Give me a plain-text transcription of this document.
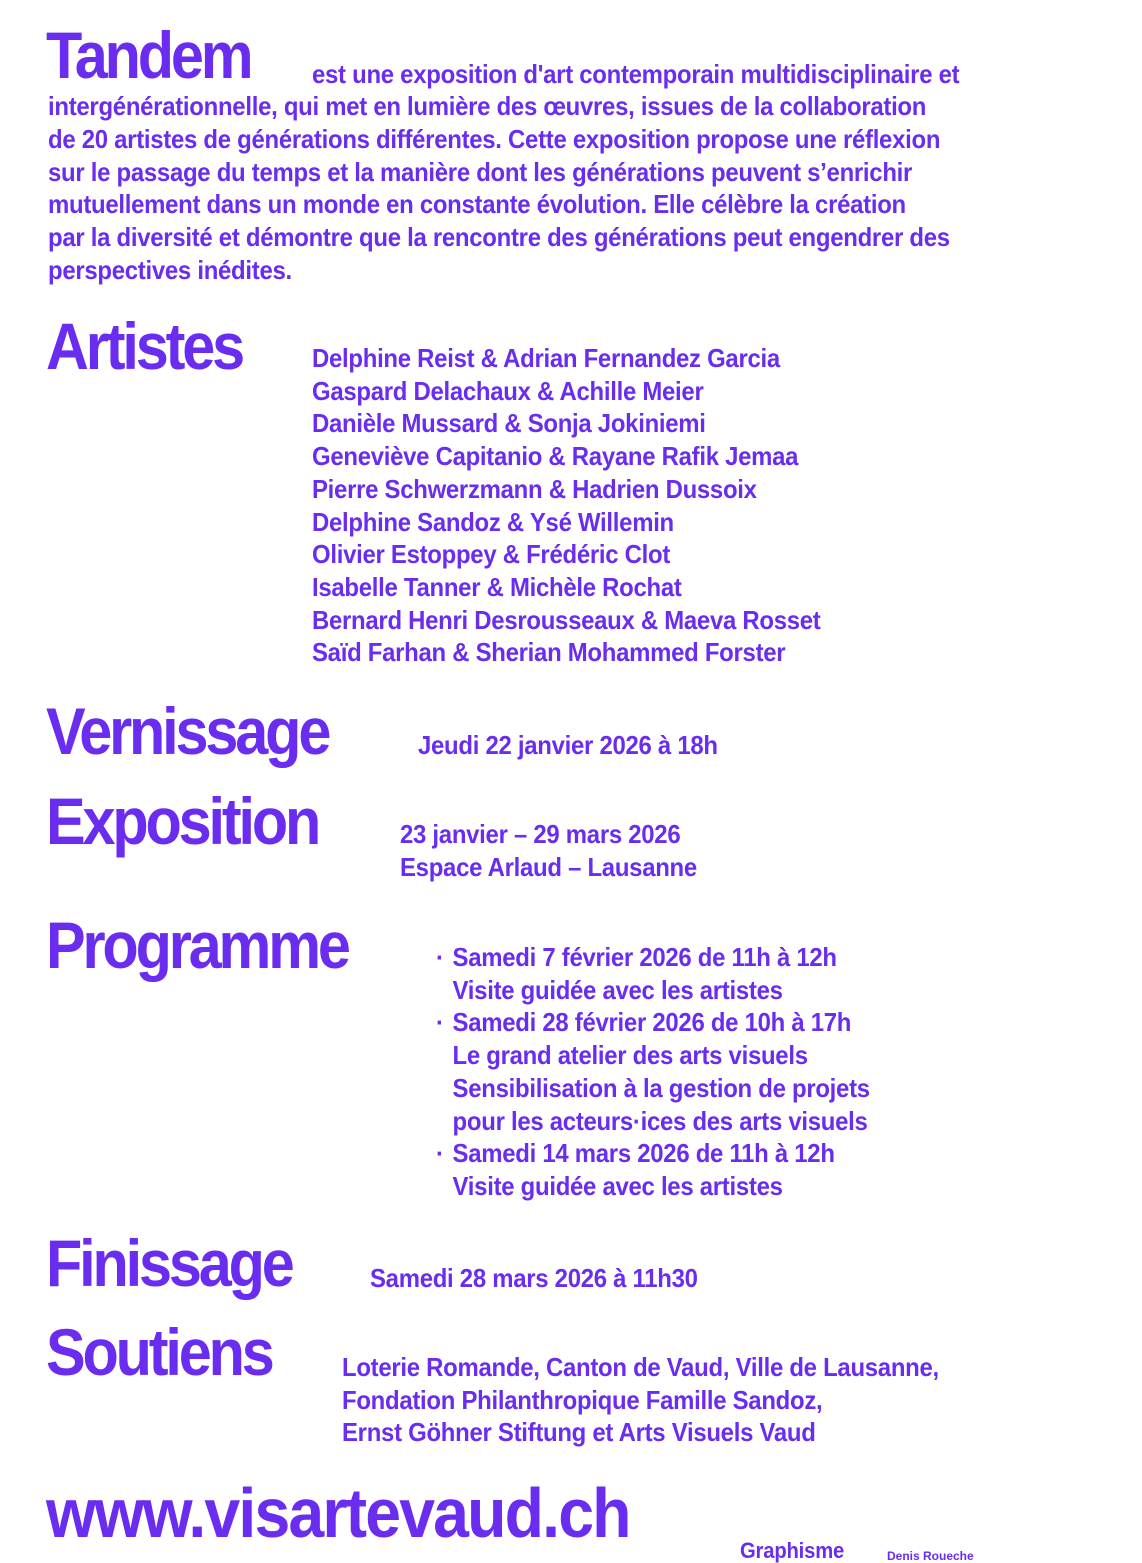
Tandem est une exposition d'art contemporain multidisciplinaire et
intergénérationnelle, qui met en lumière des œuvres, issues de la collaboration
de 20 artistes de générations différentes. Cette exposition propose une réflexion
sur le passage du temps et la manière dont les générations peuvent s’enrichir
mutuellement dans un monde en constante évolution. Elle célèbre la création
par la diversité et démontre que la rencontre des générations peut engendrer des
perspectives inédites.
Artistes	Delphine Reist & Adrian Fernandez Garcia
Gaspard Delachaux & Achille Meier
Danièle Mussard & Sonja Jokiniemi
Geneviève Capitanio & Rayane Rafik Jemaa
Pierre Schwerzmann & Hadrien Dussoix
Delphine Sandoz & Ysé Willemin
Olivier Estoppey & Frédéric Clot
Isabelle Tanner & Michèle Rochat
Bernard Henri Desrousseaux & Maeva Rosset
Saïd Farhan & Sherian Mohammed Forster
Vernissage	Jeudi 22 janvier 2026 à 18h
Exposition	23 janvier – 29 mars 2026
Espace Arlaud – Lausanne
Programme	· Samedi 7 février 2026 de 11h à 12h
Visite guidée avec les artistes
· Samedi 28 février 2026 de 10h à 17h
Le grand atelier des arts visuels
Sensibilisation à la gestion de projets
pour les acteurs·ices des arts visuels
· Samedi 14 mars 2026 de 11h à 12h
Visite guidée avec les artistes
Finissage	Samedi 28 mars 2026 à 11h30
Soutiens	Loterie Romande, Canton de Vaud, Ville de Lausanne,
Fondation Philanthropique Famille Sandoz,
Ernst Göhner Stiftung et Arts Visuels Vaud
www.visartevaud.ch	Graphisme	Denis Roueche
